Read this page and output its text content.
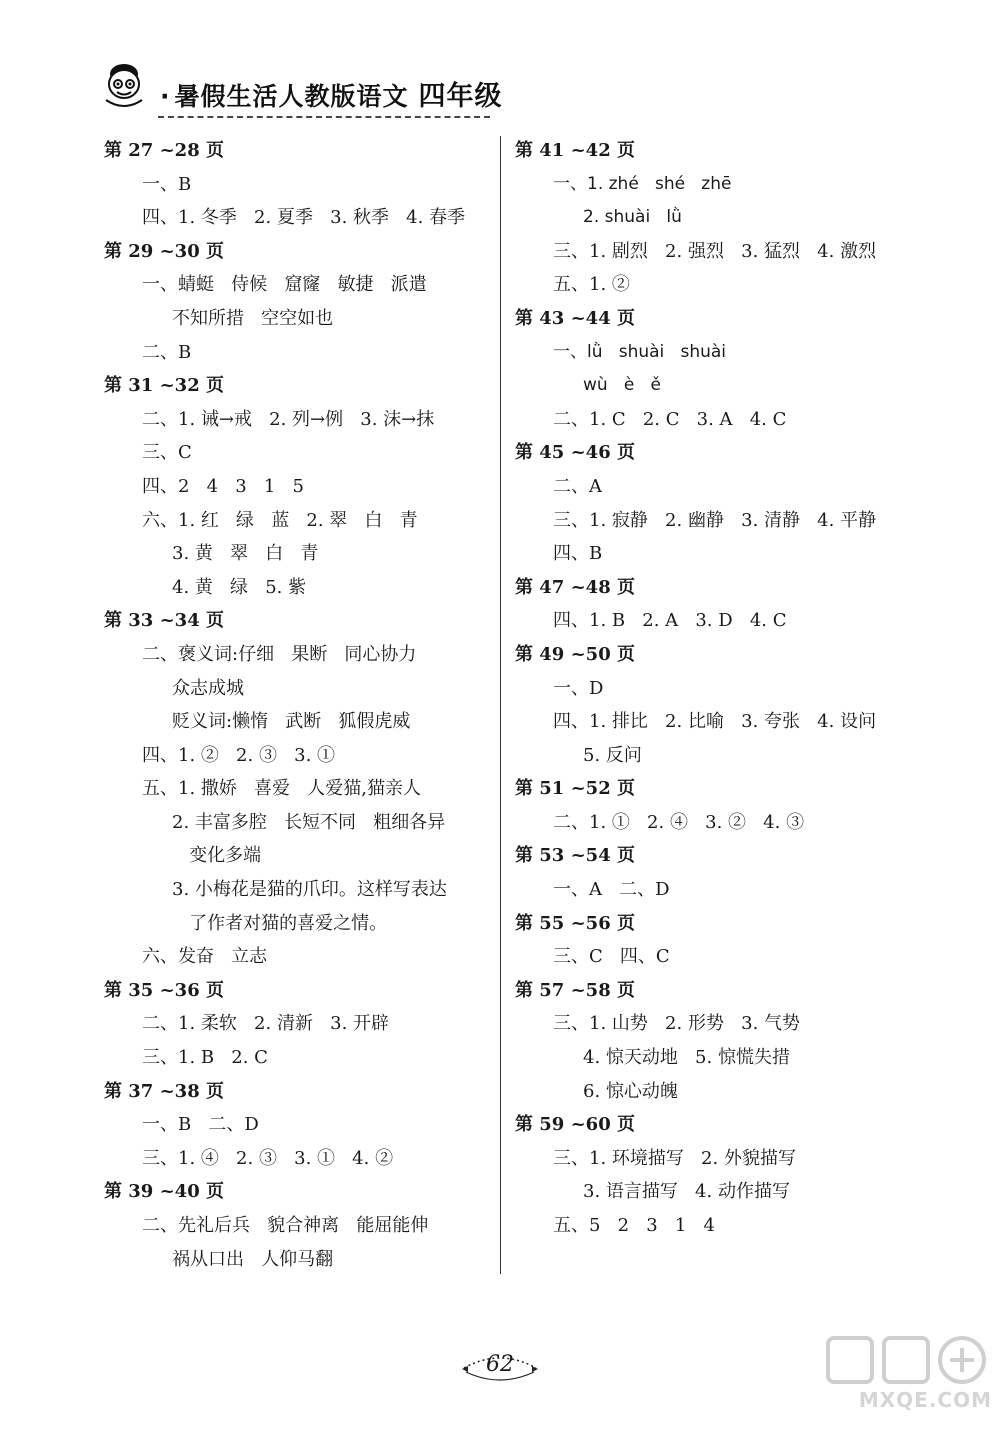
· 暑假生活人教版语文 四年级
第 27 ~28 页
一、B
四、1. 冬季   2. 夏季   3. 秋季   4. 春季
第 29 ~30 页
一、蜻蜓   侍候   窟窿   敏捷   派遣
不知所措   空空如也
二、B
第 31 ~32 页
二、1. 诫→戒   2. 列→例   3. 沫→抹
三、C
四、2   4   3   1   5
六、1. 红   绿   蓝   2. 翠   白   青
3. 黄   翠   白   青
4. 黄   绿   5. 紫
第 33 ~34 页
二、褒义词:仔细   果断   同心协力
众志成城
贬义词:懒惰   武断   狐假虎威
四、1. ②   2. ③   3. ①
五、1. 撒娇   喜爱   人爱猫,猫亲人
2. 丰富多腔   长短不同   粗细各异
变化多端
3. 小梅花是猫的爪印。这样写表达
了作者对猫的喜爱之情。
六、发奋   立志
第 35 ~36 页
二、1. 柔软   2. 清新   3. 开辟
三、1. B   2. C
第 37 ~38 页
一、B   二、D
三、1. ④   2. ③   3. ①   4. ②
第 39 ~40 页
二、先礼后兵   貌合神离   能屈能伸
祸从口出   人仰马翻
第 41 ~42 页
一、1. zhé   shé   zhē
2. shuài   lǜ
三、1. 剧烈   2. 强烈   3. 猛烈   4. 激烈
五、1. ②
第 43 ~44 页
一、lǜ   shuài   shuài
wù   è   ě
二、1. C   2. C   3. A   4. C
第 45 ~46 页
二、A
三、1. 寂静   2. 幽静   3. 清静   4. 平静
四、B
第 47 ~48 页
四、1. B   2. A   3. D   4. C
第 49 ~50 页
一、D
四、1. 排比   2. 比喻   3. 夸张   4. 设问
5. 反问
第 51 ~52 页
二、1. ①   2. ④   3. ②   4. ③
第 53 ~54 页
一、A   二、D
第 55 ~56 页
三、C   四、C
第 57 ~58 页
三、1. 山势   2. 形势   3. 气势
4. 惊天动地   5. 惊慌失措
6. 惊心动魄
第 59 ~60 页
三、1. 环境描写   2. 外貌描写
3. 语言描写   4. 动作描写
五、5   2   3   1   4
62
MXQE.COM
